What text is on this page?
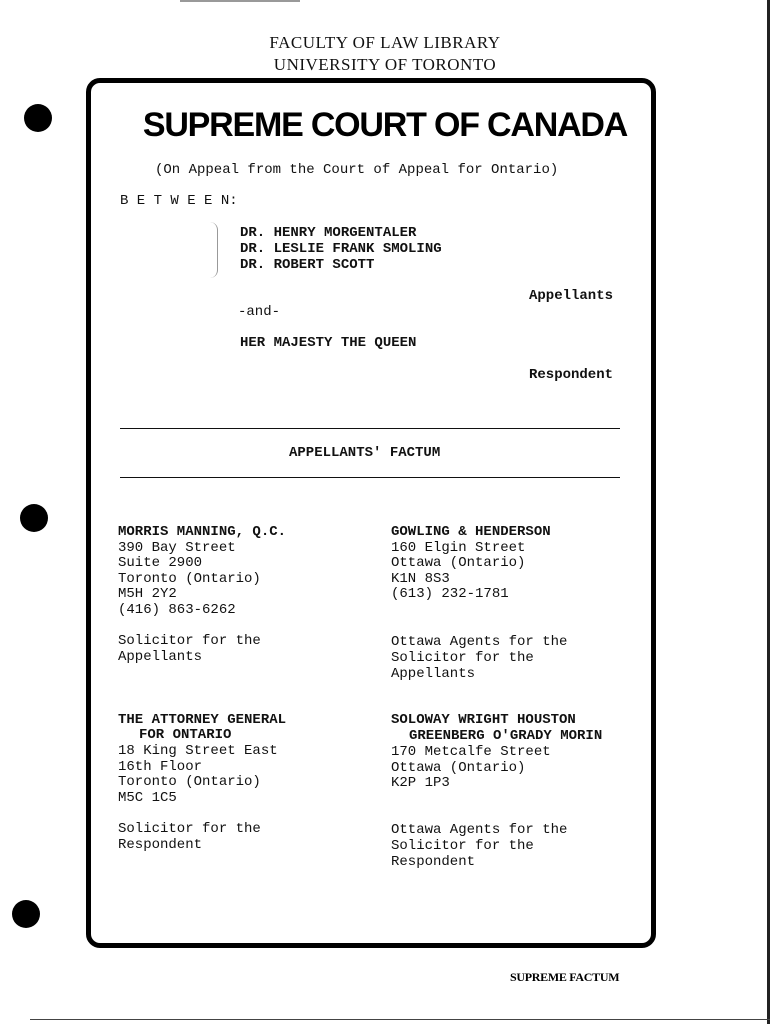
FACULTY OF LAW LIBRARY
UNIVERSITY OF TORONTO
SUPREME COURT OF CANADA
(On Appeal from the Court of Appeal for Ontario)
B E T W E E N:
DR. HENRY MORGENTALER
DR. LESLIE FRANK SMOLING
DR. ROBERT SCOTT
Appellants
-and-
HER MAJESTY THE QUEEN
Respondent
APPELLANTS' FACTUM
MORRIS MANNING, Q.C.
390 Bay Street
Suite 2900
Toronto (Ontario)
M5H 2Y2
(416) 863-6262
Solicitor for the
Appellants
GOWLING & HENDERSON
160 Elgin Street
Ottawa (Ontario)
K1N 8S3
(613) 232-1781
Ottawa Agents for the
Solicitor for the
Appellants
THE ATTORNEY GENERAL
FOR ONTARIO
18 King Street East
16th Floor
Toronto (Ontario)
M5C 1C5
Solicitor for the
Respondent
SOLOWAY WRIGHT HOUSTON
GREENBERG O'GRADY MORIN
170 Metcalfe Street
Ottawa (Ontario)
K2P 1P3
Ottawa Agents for the
Solicitor for the
Respondent
SUPREME FACTUM
